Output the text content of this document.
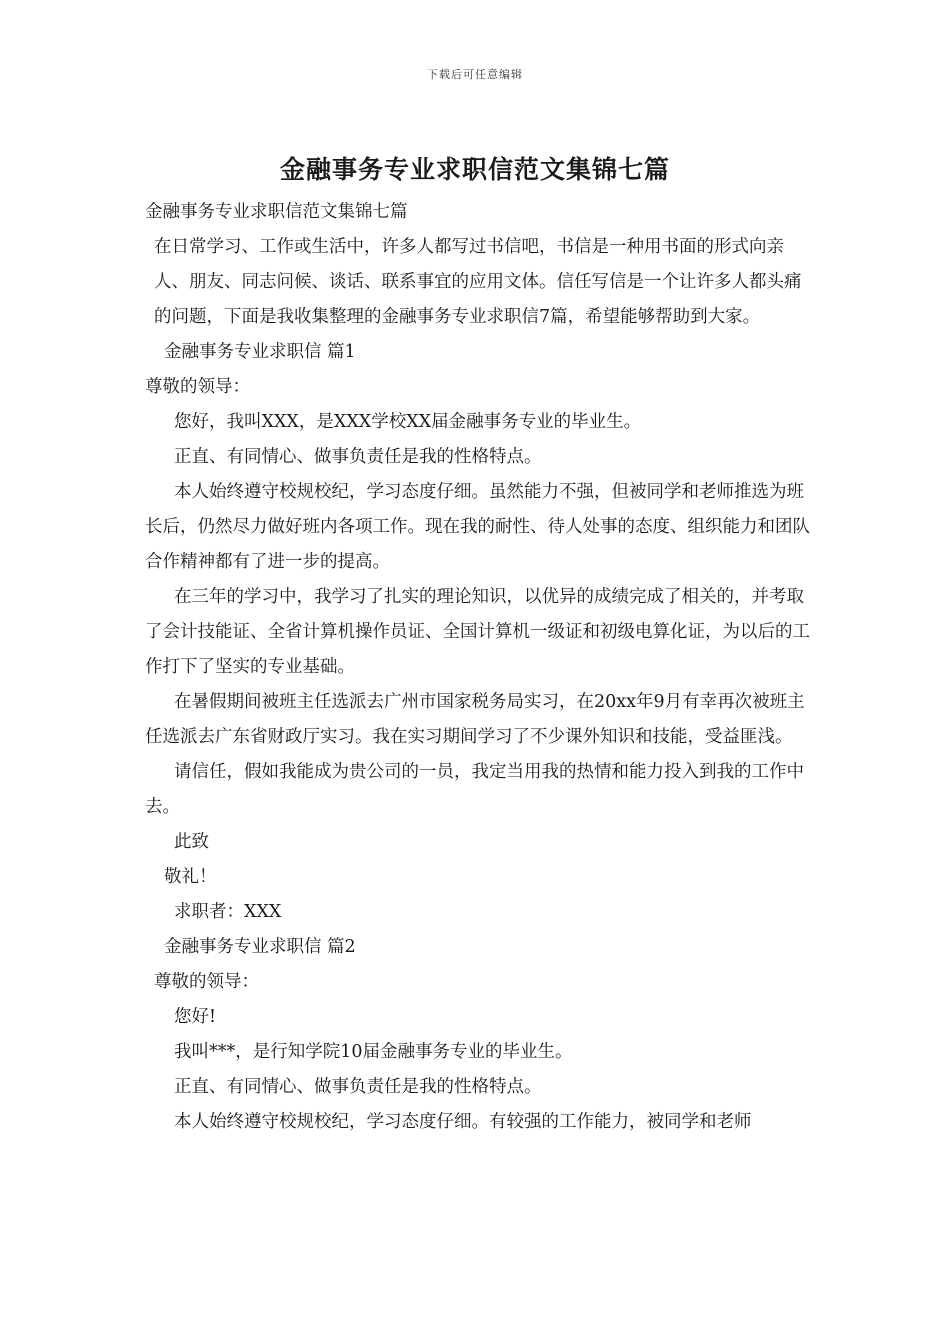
下载后可任意编辑
金融事务专业求职信范文集锦七篇

金融事务专业求职信范文集锦七篇

在日常学习、工作或生活中，许多人都写过书信吧，书信是一种用书面的形式向亲人、朋友、同志问候、谈话、联系事宜的应用文体。信任写信是一个让许多人都头痛的问题，下面是我收集整理的金融事务专业求职信7篇，希望能够帮助到大家。

金融事务专业求职信 篇1

尊敬的领导：

您好，我叫XXX，是XXX学校XX届金融事务专业的毕业生。

正直、有同情心、做事负责任是我的性格特点。

本人始终遵守校规校纪，学习态度仔细。虽然能力不强，但被同学和老师推选为班长后，仍然尽力做好班内各项工作。现在我的耐性、待人处事的态度、组织能力和团队合作精神都有了进一步的提高。

在三年的学习中，我学习了扎实的理论知识，以优异的成绩完成了相关的，并考取了会计技能证、全省计算机操作员证、全国计算机一级证和初级电算化证，为以后的工作打下了坚实的专业基础。

在暑假期间被班主任选派去广州市国家税务局实习，在20xx年9月有幸再次被班主任选派去广东省财政厅实习。我在实习期间学习了不少课外知识和技能，受益匪浅。

请信任，假如我能成为贵公司的一员，我定当用我的热情和能力投入到我的工作中去。

此致

敬礼！

求职者：XXX

金融事务专业求职信 篇2

尊敬的领导：

您好!

我叫***，是行知学院10届金融事务专业的毕业生。

正直、有同情心、做事负责任是我的性格特点。

本人始终遵守校规校纪，学习态度仔细。有较强的工作能力，被同学和老师
